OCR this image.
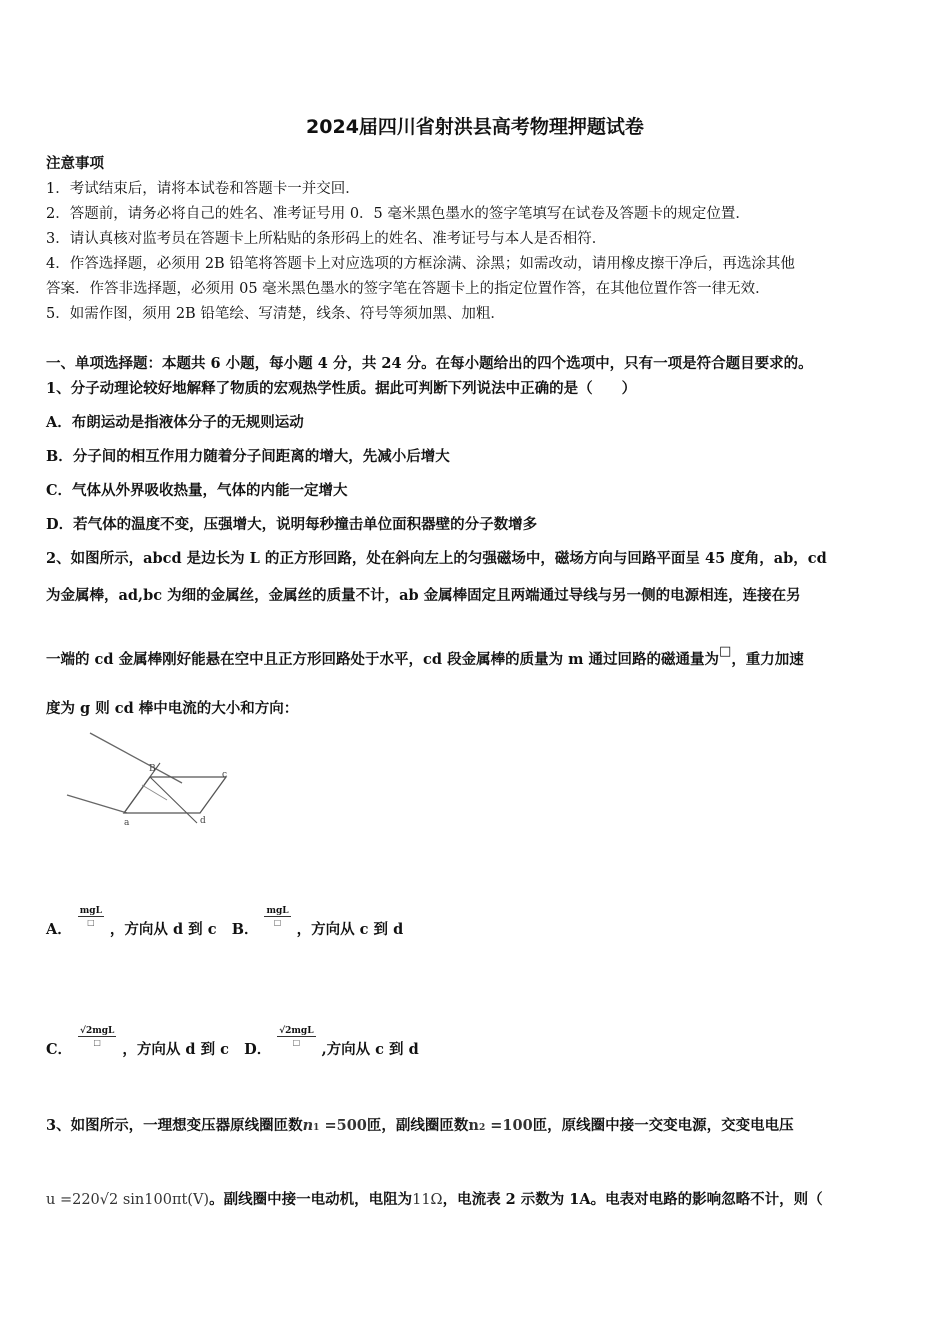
2024届四川省射洪县高考物理押题试卷
注意事项
1．考试结束后，请将本试卷和答题卡一并交回．
2．答题前，请务必将自己的姓名、准考证号用 0．5 毫米黑色墨水的签字笔填写在试卷及答题卡的规定位置．
3．请认真核对监考员在答题卡上所粘贴的条形码上的姓名、准考证号与本人是否相符．
4．作答选择题，必须用 2B 铅笔将答题卡上对应选项的方框涂满、涂黑；如需改动，请用橡皮擦干净后，再选涂其他
答案．作答非选择题，必须用 05 毫米黑色墨水的签字笔在答题卡上的指定位置作答，在其他位置作答一律无效．
5．如需作图，须用 2B 铅笔绘、写清楚，线条、符号等须加黑、加粗．
一、单项选择题：本题共 6 小题，每小题 4 分，共 24 分。在每小题给出的四个选项中，只有一项是符合题目要求的。
1、分子动理论较好地解释了物质的宏观热学性质。据此可判断下列说法中正确的是（　　）
A．布朗运动是指液体分子的无规则运动
B．分子间的相互作用力随着分子间距离的增大，先减小后增大
C．气体从外界吸收热量，气体的内能一定增大
D．若气体的温度不变，压强增大，说明每秒撞击单位面积器壁的分子数增多
2、如图所示，abcd 是边长为 L 的正方形回路，处在斜向左上的匀强磁场中，磁场方向与回路平面呈 45 度角，ab，cd
为金属棒，ad,bc 为细的金属丝，金属丝的质量不计，ab 金属棒固定且两端通过导线与另一侧的电源相连，连接在另
一端的 cd 金属棒刚好能悬在空中且正方形回路处于水平，cd 段金属棒的质量为 m 通过回路的磁通量为□，重力加速
度为 g 则 cd 棒中电流的大小和方向：
B
c
d
a
A．
$\frac{\text{mgL}}{□}$
，方向从 d 到 c B．
$\frac{\text{mgL}}{□}$
，方向从 c 到 d
C．
$\frac{\text{√2mgL}}{□}$
，方向从 d 到 c D．
$\frac{\text{√2mgL}}{□}$
,方向从 c 到 d
3、如图所示，一理想变压器原线圈匝数n1 =500匝，副线圈匝数n2 =100匝，原线圈中接一交变电源，交变电电压
u =220√2 sin100πt(V)。副线圈中接一电动机，电阻为11Ω，电流表 2 示数为 1A。电表对电路的影响忽略不计，则（
